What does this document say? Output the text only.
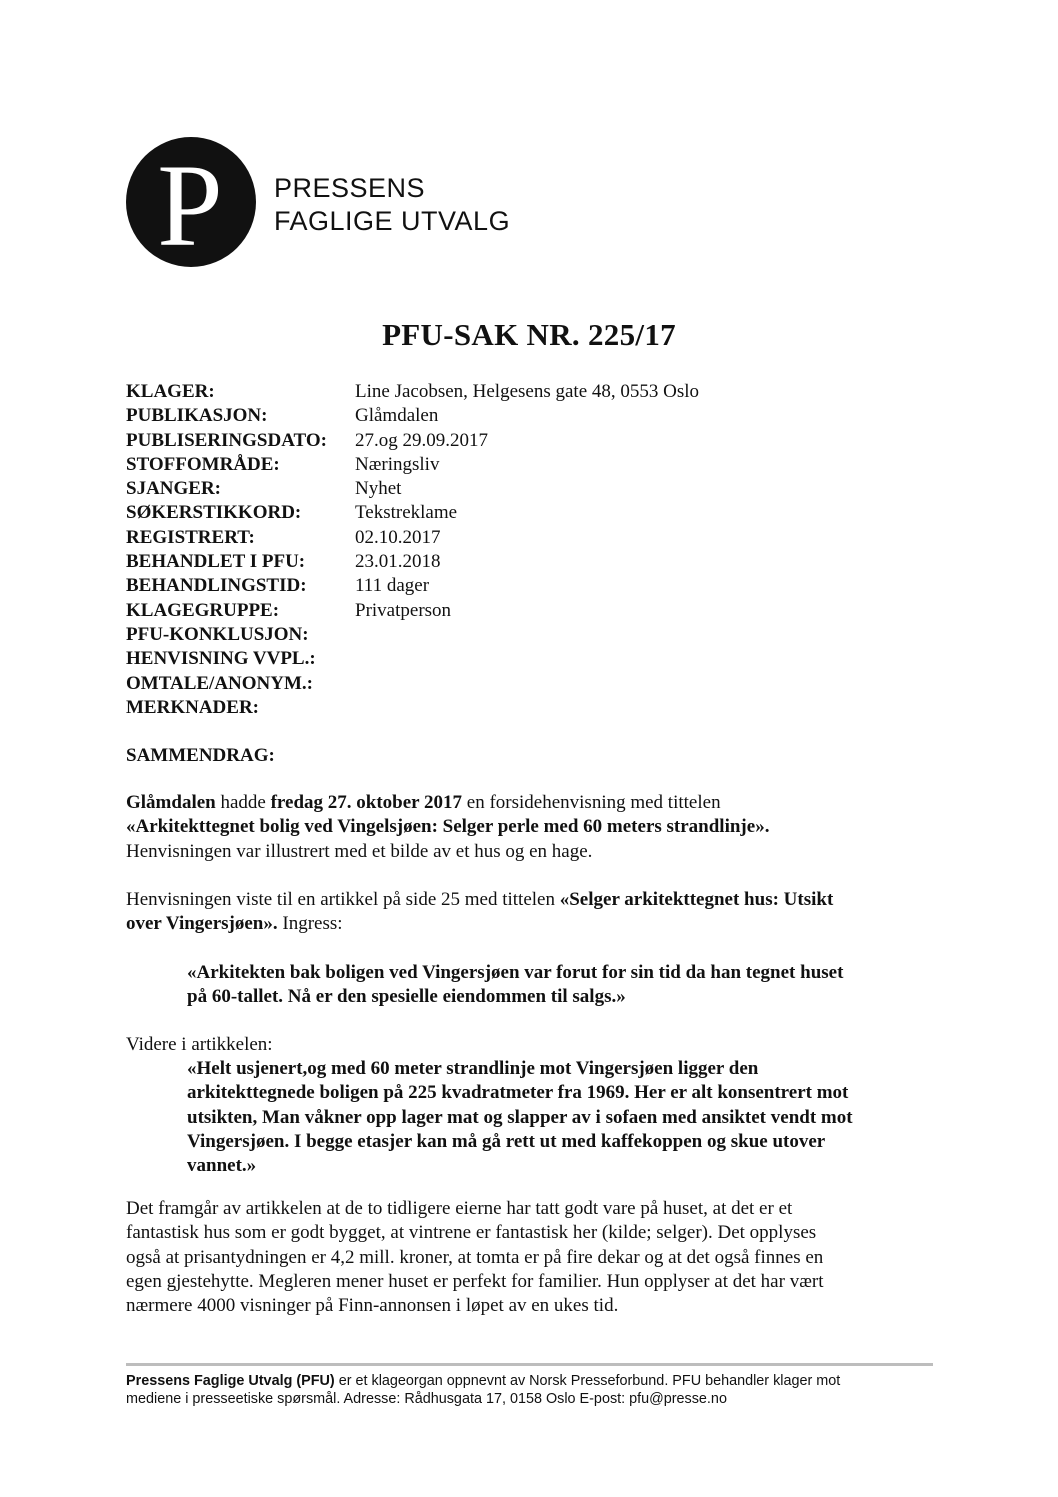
P PRESSENS
FAGLIGE UTVALG
PFU-SAK NR. 225/17
KLAGER:	Line Jacobsen, Helgesens gate 48, 0553 Oslo
PUBLIKASJON:	Glåmdalen
PUBLISERINGSDATO:	27.og 29.09.2017
STOFFOMRÅDE:	Næringsliv
SJANGER:	Nyhet
SØKERSTIKKORD:	Tekstreklame
REGISTRERT:	02.10.2017
BEHANDLET I PFU:	23.01.2018
BEHANDLINGSTID:	111 dager
KLAGEGRUPPE:	Privatperson
PFU-KONKLUSJON:
HENVISNING VVPL.:
OMTALE/ANONYM.:
MERKNADER:
SAMMENDRAG:
Glåmdalen hadde fredag 27. oktober 2017 en forsidehenvisning med tittelen
«Arkitekttegnet bolig ved Vingelsjøen: Selger perle med 60 meters strandlinje».
Henvisningen var illustrert med et bilde av et hus og en hage.
Henvisningen viste til en artikkel på side 25 med tittelen «Selger arkitekttegnet hus: Utsikt
over Vingersjøen». Ingress:
«Arkitekten bak boligen ved Vingersjøen var forut for sin tid da han tegnet huset
på 60-tallet. Nå er den spesielle eiendommen til salgs.»
Videre i artikkelen:
«Helt usjenert,og med 60 meter strandlinje mot Vingersjøen ligger den
arkitekttegnede boligen på 225 kvadratmeter fra 1969. Her er alt konsentrert mot
utsikten, Man våkner opp lager mat og slapper av i sofaen med ansiktet vendt mot
Vingersjøen. I begge etasjer kan må gå rett ut med kaffekoppen og skue utover
vannet.»
Det framgår av artikkelen at de to tidligere eierne har tatt godt vare på huset, at det er et
fantastisk hus som er godt bygget, at vintrene er fantastisk her (kilde; selger). Det opplyses
også at prisantydningen er 4,2 mill. kroner, at tomta er på fire dekar og at det også finnes en
egen gjestehytte. Megleren mener huset er perfekt for familier. Hun opplyser at det har vært
nærmere 4000 visninger på Finn-annonsen i løpet av en ukes tid.
Pressens Faglige Utvalg (PFU) er et klageorgan oppnevnt av Norsk Presseforbund. PFU behandler klager mot
mediene i presseetiske spørsmål. Adresse: Rådhusgata 17, 0158 Oslo E-post: pfu@presse.no
